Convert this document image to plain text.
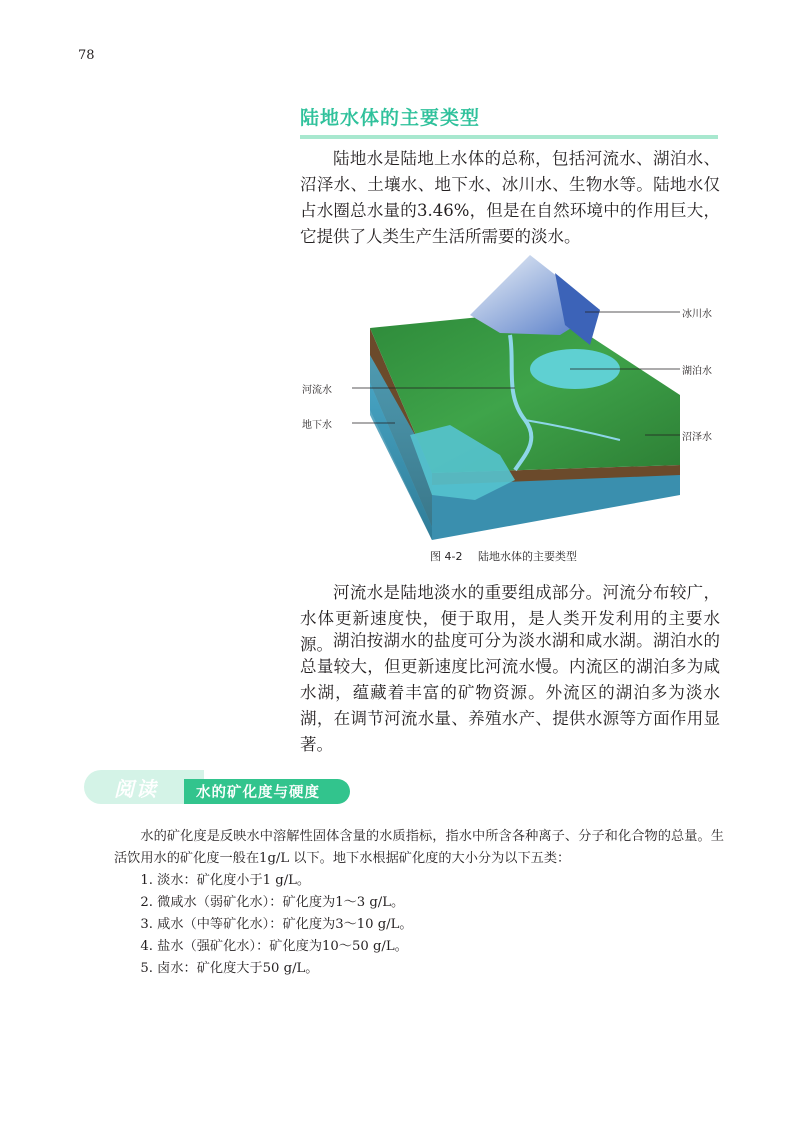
78
陆地水体的主要类型
陆地水是陆地上水体的总称，包括河流水、湖泊水、沼泽水、土壤水、地下水、冰川水、生物水等。陆地水仅占水圈总水量的3.46%，但是在自然环境中的作用巨大，它提供了人类生产生活所需要的淡水。
冰川水
湖泊水
河流水
地下水
沼泽水
图 4-2 陆地水体的主要类型
河流水是陆地淡水的重要组成部分。河流分布较广，水体更新速度快，便于取用，是人类开发利用的主要水源。 湖泊按湖水的盐度可分为淡水湖和咸水湖。湖泊水的总量较大，但更新速度比河流水慢。内流区的湖泊多为咸水湖，蕴藏着丰富的矿物资源。外流区的湖泊多为淡水湖，在调节河流水量、养殖水产、提供水源等方面作用显著。
阅读	水的矿化度与硬度

水的矿化度是反映水中溶解性固体含量的水质指标，指水中所含各种离子、分子和化合物的总量。生活饮用水的矿化度一般在1g/L 以下。地下水根据矿化度的大小分为以下五类：

1. 淡水：矿化度小于1 g/L。
2. 微咸水（弱矿化水）：矿化度为1～3 g/L。
3. 咸水（中等矿化水）：矿化度为3～10 g/L。
4. 盐水（强矿化水）：矿化度为10～50 g/L。
5. 卤水：矿化度大于50 g/L。
